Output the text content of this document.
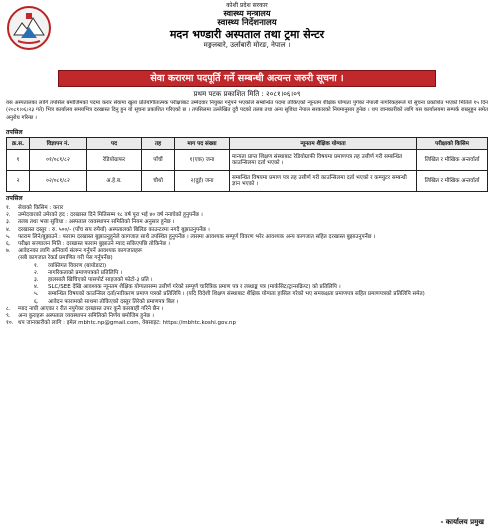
कोशी प्रदेश सरकार
स्वास्थ्य मन्त्रालय
स्वास्थ्य निर्देशनालय
मदन भण्डारी अस्पताल तथा ट्रमा सेन्टर
मङ्गलबारे, उर्लाबारी मोरङ, नेपाल ।
सेवा करारमा पदपूर्ति गर्ने सम्बन्धी अत्यन्त जरुरी सूचना ।
प्रथम पटक प्रकाशित मिति : २०८१।०६।०९
यस अस्पतालका लागि तपसिल बमोजिमको पदमा करार सेवामा खुला प्रतियोगीतात्मक परीक्षाबाट उम्मेदवार नियुक्त गर्नुपर्ने भएकोले सम्बन्धित पदमा तोकिएको न्यूनतम शैक्षिक योग्यता पुगेका नेपाली नागरिकहरूले यो सूचना प्रकाशित भएको मितिले १५ दिन (२०८१।०६।२३ गते) भित्र कार्यालय समयभित्र दरखास्त दिनु हुन यो सूचना प्रकाशित गरिएको छ । तपसिलमा उल्लेखित दुवै पदको तलब तथा अन्य सुविधा नेपाल सरकारको नियमानुसार हुनेछ । थप जानकारीको लागि यस कार्यालयमा सम्पर्क राख्नुहुन समेत अनुरोध गरिन्छ ।
तपसिल
क्र.स.	विज्ञापन नं.	पद	तह	माग पद संख्या	न्यूनतम शैक्षिक योग्यता	परीक्षाको किसिम
१	०१/०८१/८२	रेडियोग्राफर	पाँचौं	१(एक) जना	मान्यता प्राप्त शिक्षण संस्थाबाट रेडियोग्राफी विषयमा प्रमाणपत्र तह उत्तीर्ण गरी सम्बन्धित काउन्सिलमा दर्ता भएको ।	लिखित र मौखिक अन्तर्वार्ता
२	०२/०८१/८२	अ.हे.ब.	चौथो	२(दुई) जना	सम्बन्धित विषयमा प्रमाण पत्र तह उत्तीर्ण गरी काउन्सिलमा दर्ता भएको र कम्प्युटर सम्बन्धी ज्ञान भएको ।	लिखित र मौखिक अन्तर्वार्ता
तपसिल
१.	सेवाको किसिम : करार
२.	उम्मेदवारको उमेरको हद : दरखास्त दिने मितिसम्म १८ वर्ष पूरा भई ४० वर्ष ननाघेको हुनुपर्नेछ ।
३.	तलब तथा भत्ता सुविधा : अस्पताल व्यवस्थापन समितिको नियम अनुसार हुनेछ ।
४.	दरखास्त दस्तुर : रु. ५००/- (पाँच सय रुपैयाँ) अस्पतालको बिलिङ काउन्टरमा नगदै बुझाउनुपर्नेछ ।
५.	फाराम लिने/बुझाउने : फाराम दरखास्त बुझाउनुहुनेले कागजात साथै उपस्थित हुनुपर्नेछ । त्यसमा आवश्यक सम्पूर्ण विवरण भरेर आवश्यक अन्य कागजात सहित दरखास्त बुझाउनुपर्नेछ ।
६.	परीक्षा सञ्चालन मिति : दरखास्त फाराम बुझाउने म्याद सकिएपछि तोकिनेछ ।
७.	आवेदनका लागि अनिवार्य संलग्न गर्नुपर्ने आवश्यक कागजातहरू
(सबै कागजात रेकर्ड प्रमाणित गरी पेस गर्नुपर्नेछ)
१.	व्यक्तिगत विवरण (बायोडाटा)
२.	नागरिकताको प्रमाणपत्रको प्रतिलिपि ।
३.	हालसालै खिचिएको पासपोर्ट साइजको फोटो-३ प्रति ।
४.	SLC/SEE देखि आवश्यक न्यूनतम शैक्षिक योग्यतासम्म उत्तीर्ण गरेको सम्पूर्ण चारित्रिक प्रमाण पत्र र लब्धाङ्क पत्र (मार्कसिट/ट्रान्सक्रिप्ट) को प्रतिलिपि ।
५.	सम्बन्धित विषयको काउन्सिल दर्ता/नवीकरण प्रमाण पत्रको प्रतिलिपि । (यदि विदेशी शिक्षण संस्थाबाट शैक्षिक योग्यता हासिल गरेको भए समकक्षता प्रमाणपत्र सहित प्रमाणपत्रको प्रतिलिपि समेत)
६.	आवेदन फारामको साथमा तोकिएको दस्तुर तिरेको प्रमाणपत्र बिल ।
८.	म्याद नाघी आएका र रीत नपुगेका दरखास्त उपर कुनै कारबाही गरिने छैन ।
९.	अन्य कुराहरू अस्पताल व्यवस्थापन समितिको निर्णय बमोजिम हुनेछ ।
१०. थप जानकारीको लागि : इमेल mbhtc.np@gmail.com, वेबसाइट: https://mbhtc.koshi.gov.np
- कार्यालय प्रमुख
